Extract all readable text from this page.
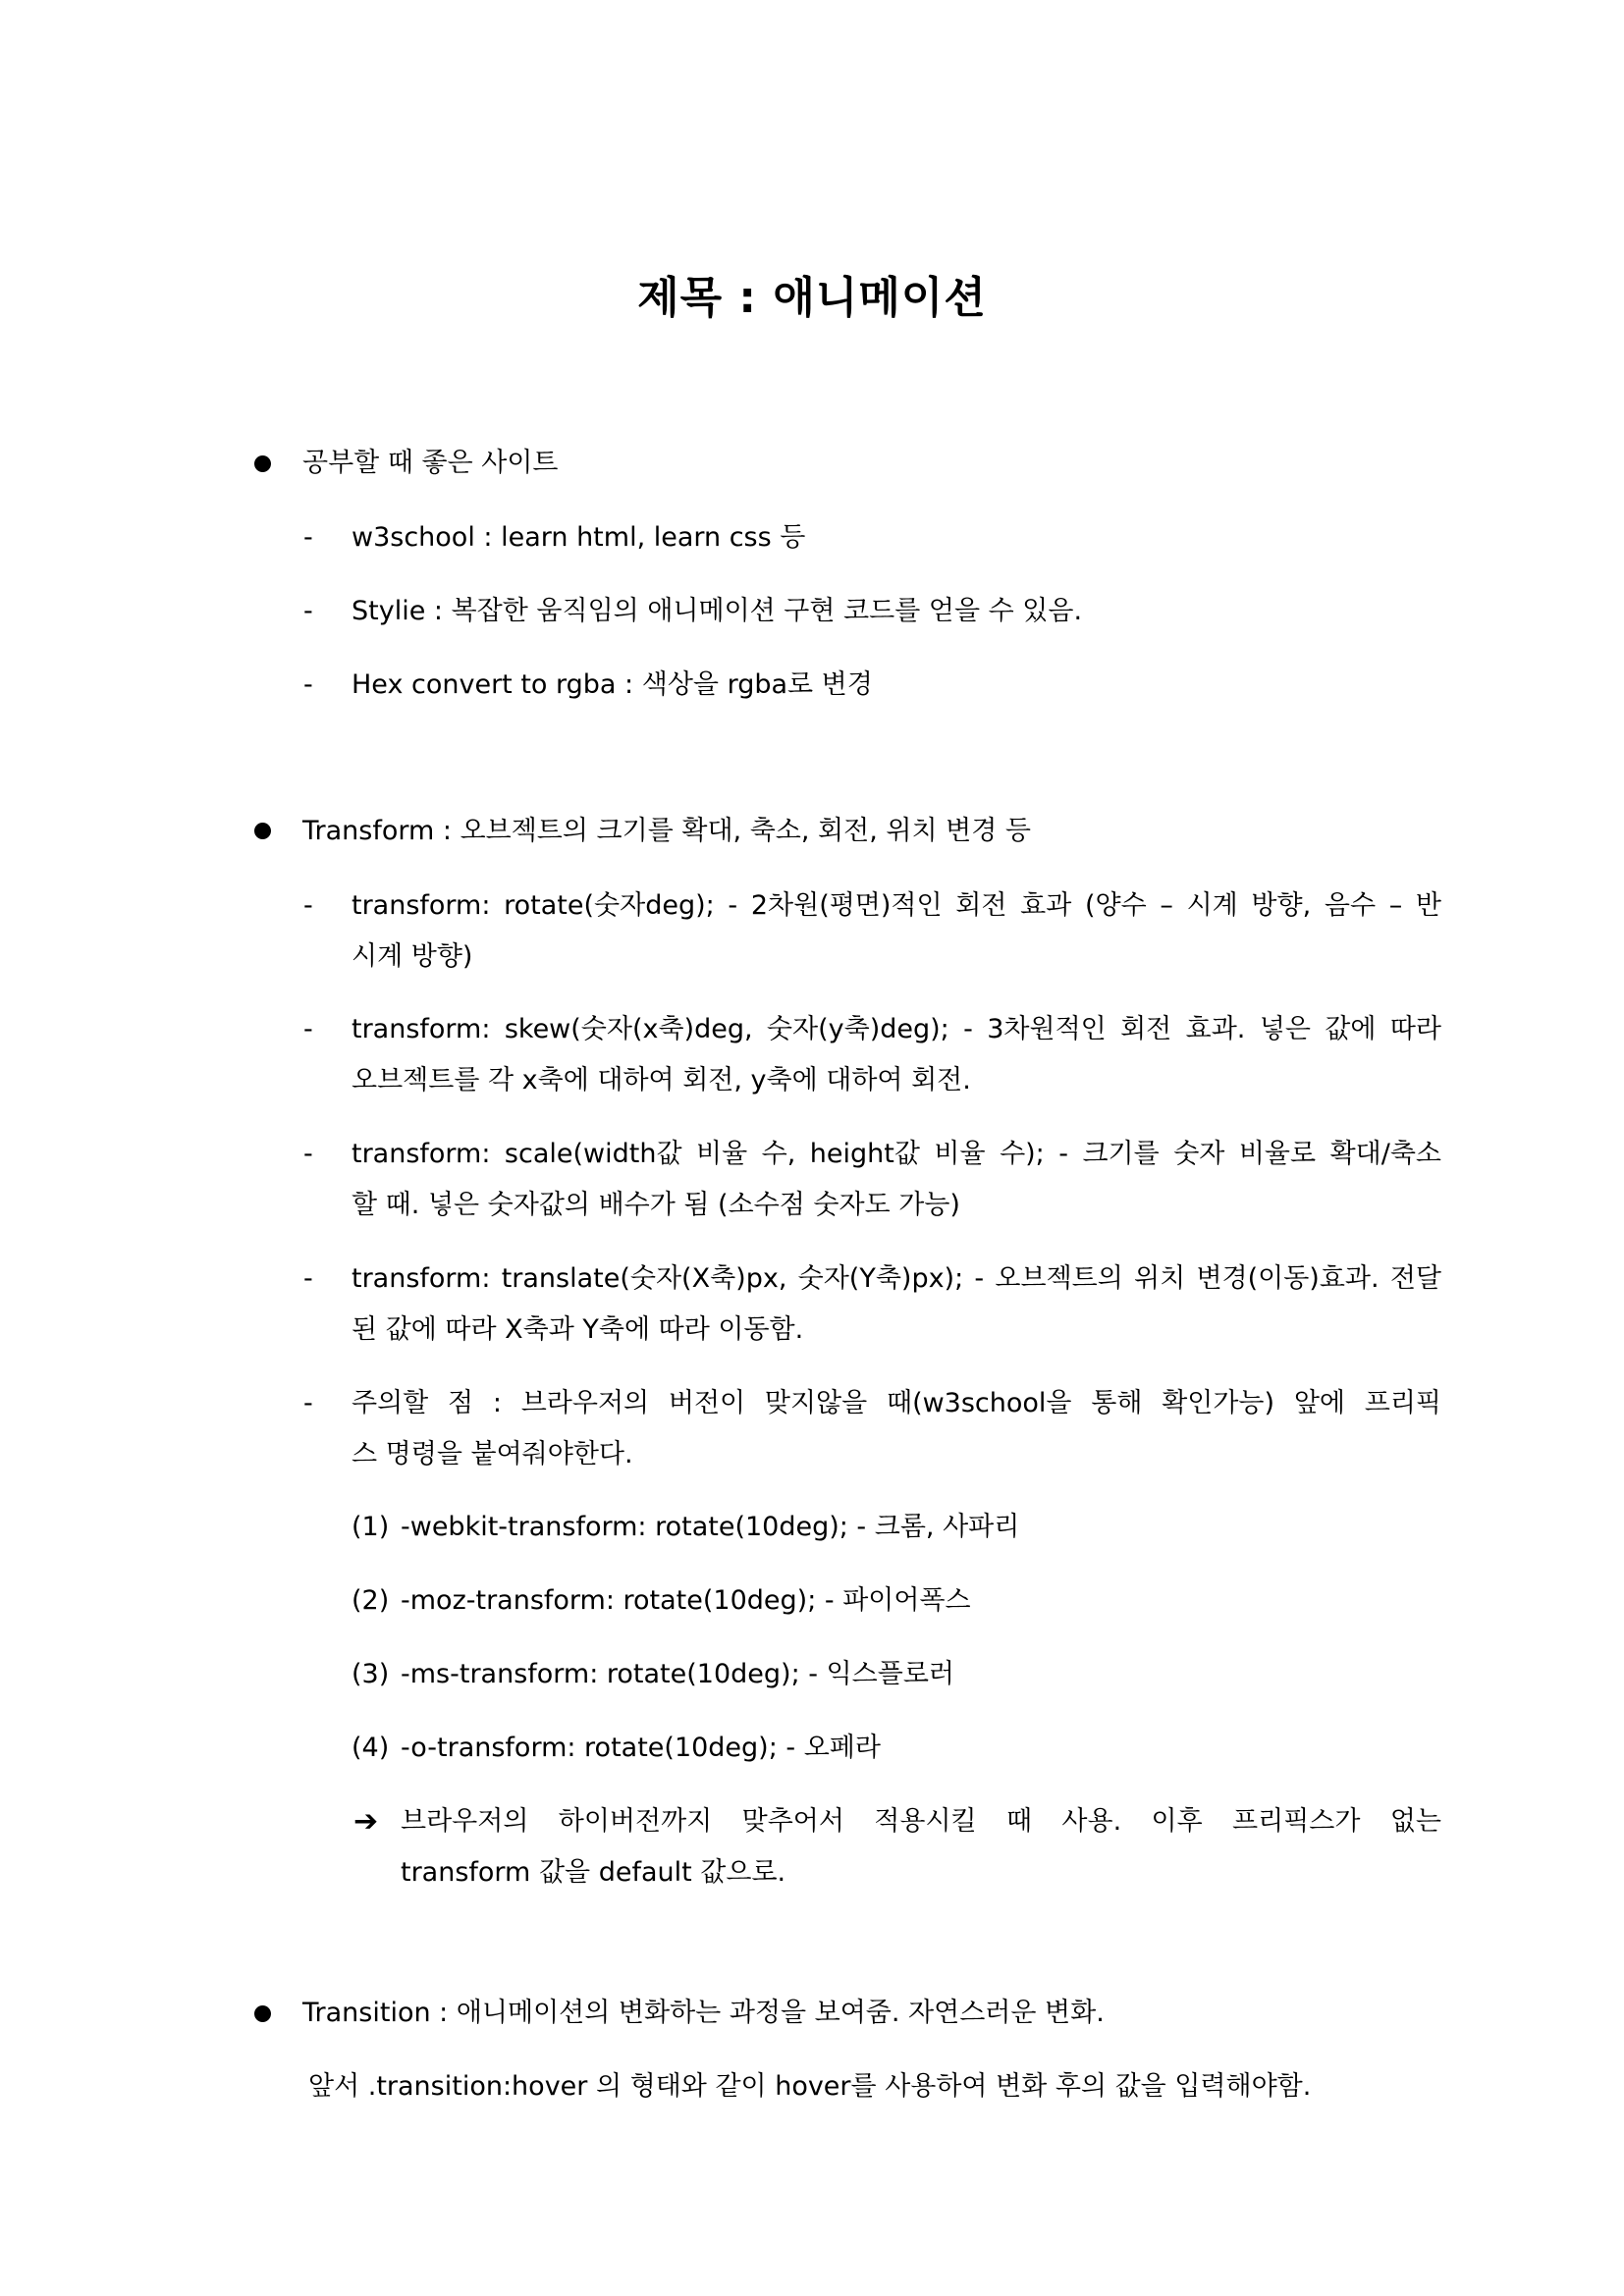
제목 : 애니메이션
공부할 때 좋은 사이트
- w3school : learn html, learn css 등
- Stylie : 복잡한 움직임의 애니메이션 구현 코드를 얻을 수 있음.
- Hex convert to rgba : 색상을 rgba로 변경
Transform : 오브젝트의 크기를 확대, 축소, 회전, 위치 변경 등
- transform: rotate(숫자deg); - 2차원(평면)적인 회전 효과 (양수 – 시계 방향, 음수 – 반
시계 방향)
- transform: skew(숫자(x축)deg, 숫자(y축)deg); - 3차원적인 회전 효과. 넣은 값에 따라
오브젝트를 각 x축에 대하여 회전, y축에 대하여 회전.
- transform: scale(width값 비율 수, height값 비율 수); - 크기를 숫자 비율로 확대/축소
할 때. 넣은 숫자값의 배수가 됨 (소수점 숫자도 가능)
- transform: translate(숫자(X축)px, 숫자(Y축)px); - 오브젝트의 위치 변경(이동)효과. 전달
된 값에 따라 X축과 Y축에 따라 이동함.
- 주의할 점 : 브라우저의 버전이 맞지않을 때(w3school을 통해 확인가능) 앞에 프리픽
스 명령을 붙여줘야한다.
(1) -webkit-transform: rotate(10deg); - 크롬, 사파리
(2) -moz-transform: rotate(10deg); - 파이어폭스
(3) -ms-transform: rotate(10deg); - 익스플로러
(4) -o-transform: rotate(10deg); - 오페라
➔ 브라우저의 하이버전까지 맞추어서 적용시킬 때 사용. 이후 프리픽스가 없는
transform 값을 default 값으로.
Transition : 애니메이션의 변화하는 과정을 보여줌. 자연스러운 변화.
앞서 .transition:hover 의 형태와 같이 hover를 사용하여 변화 후의 값을 입력해야함.
